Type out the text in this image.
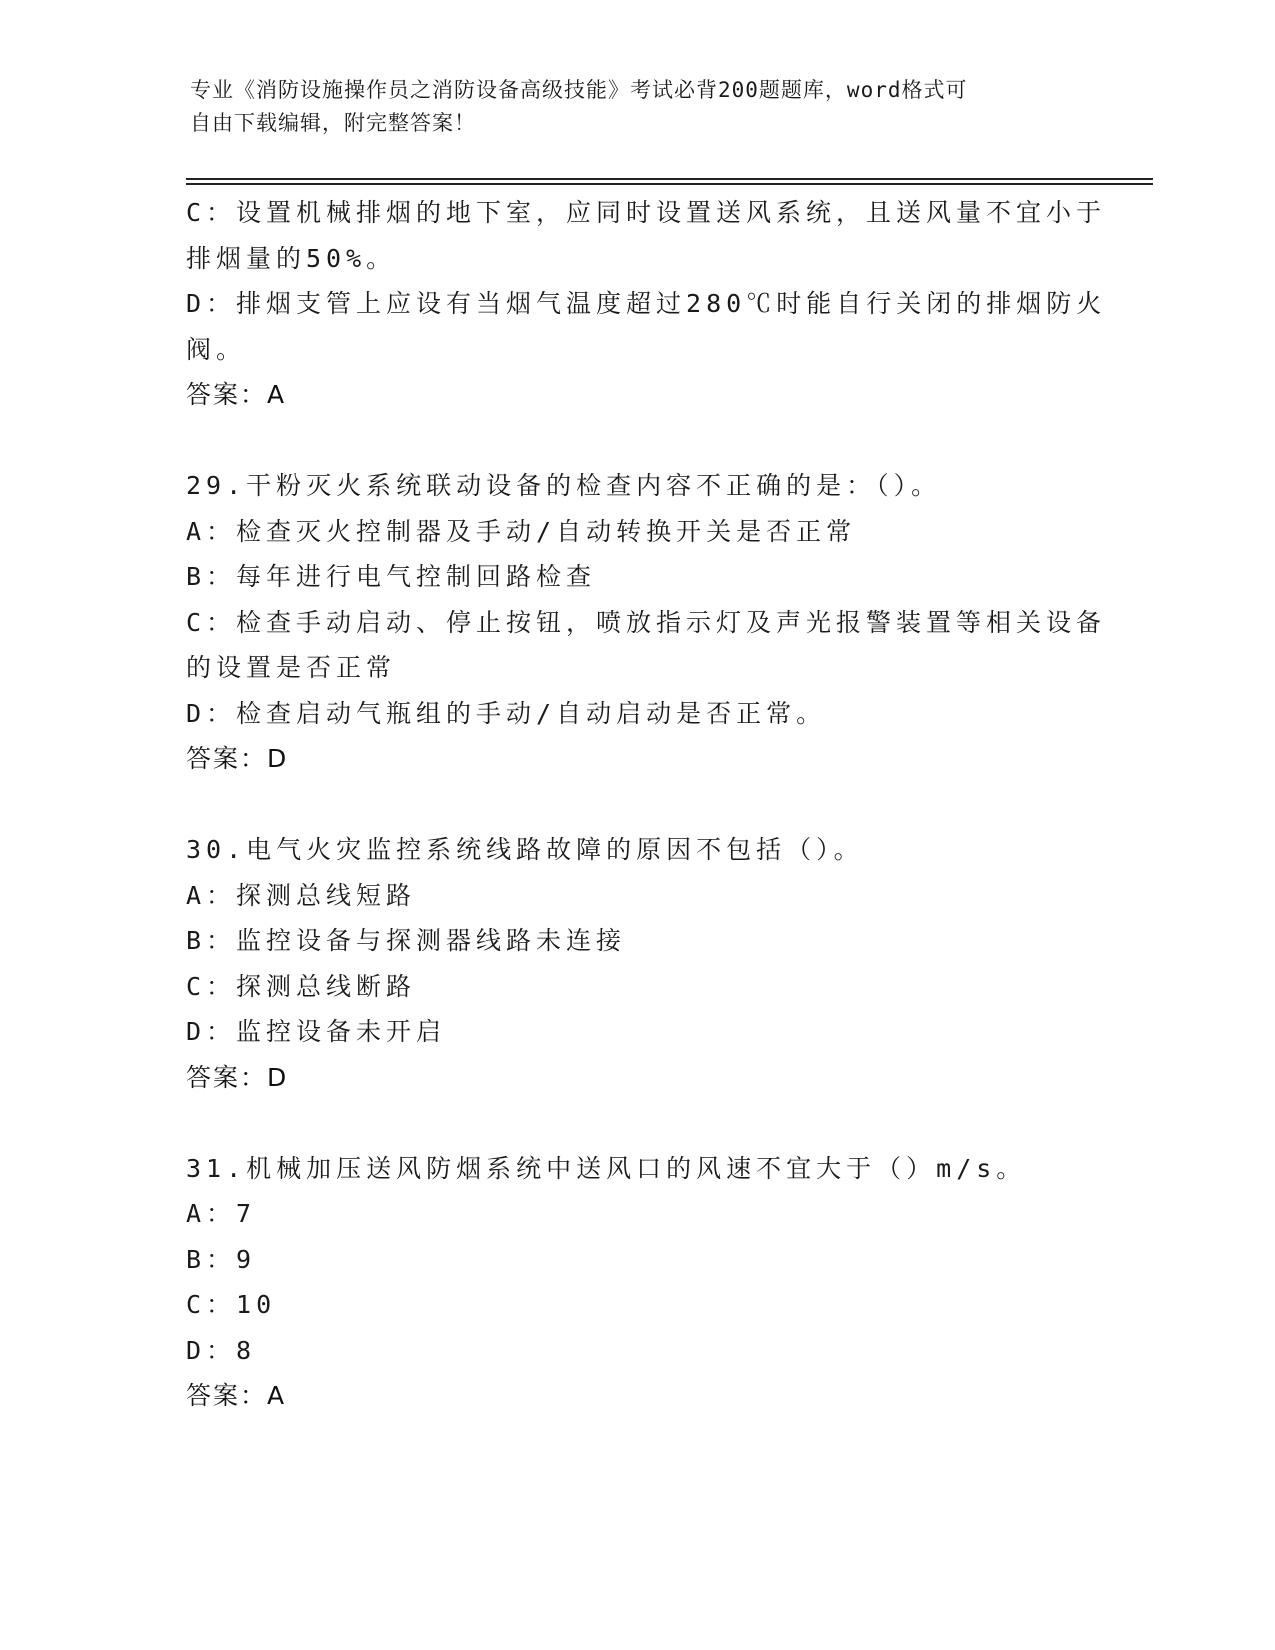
专业《消防设施操作员之消防设备高级技能》考试必背200题题库，word格式可
自由下载编辑，附完整答案！
C：设置机械排烟的地下室，应同时设置送风系统，且送风量不宜小于
排烟量的50%。
D：排烟支管上应设有当烟气温度超过280℃时能自行关闭的排烟防火
阀。
答案：A
29.干粉灭火系统联动设备的检查内容不正确的是：（）。
A：检查灭火控制器及手动/自动转换开关是否正常
B：每年进行电气控制回路检查
C：检查手动启动、停止按钮，喷放指示灯及声光报警装置等相关设备
的设置是否正常
D：检查启动气瓶组的手动/自动启动是否正常。
答案：D
30.电气火灾监控系统线路故障的原因不包括（）。
A：探测总线短路
B：监控设备与探测器线路未连接
C：探测总线断路
D：监控设备未开启
答案：D
31.机械加压送风防烟系统中送风口的风速不宜大于（）m/s。
A：7
B：9
C：10
D：8
答案：A
